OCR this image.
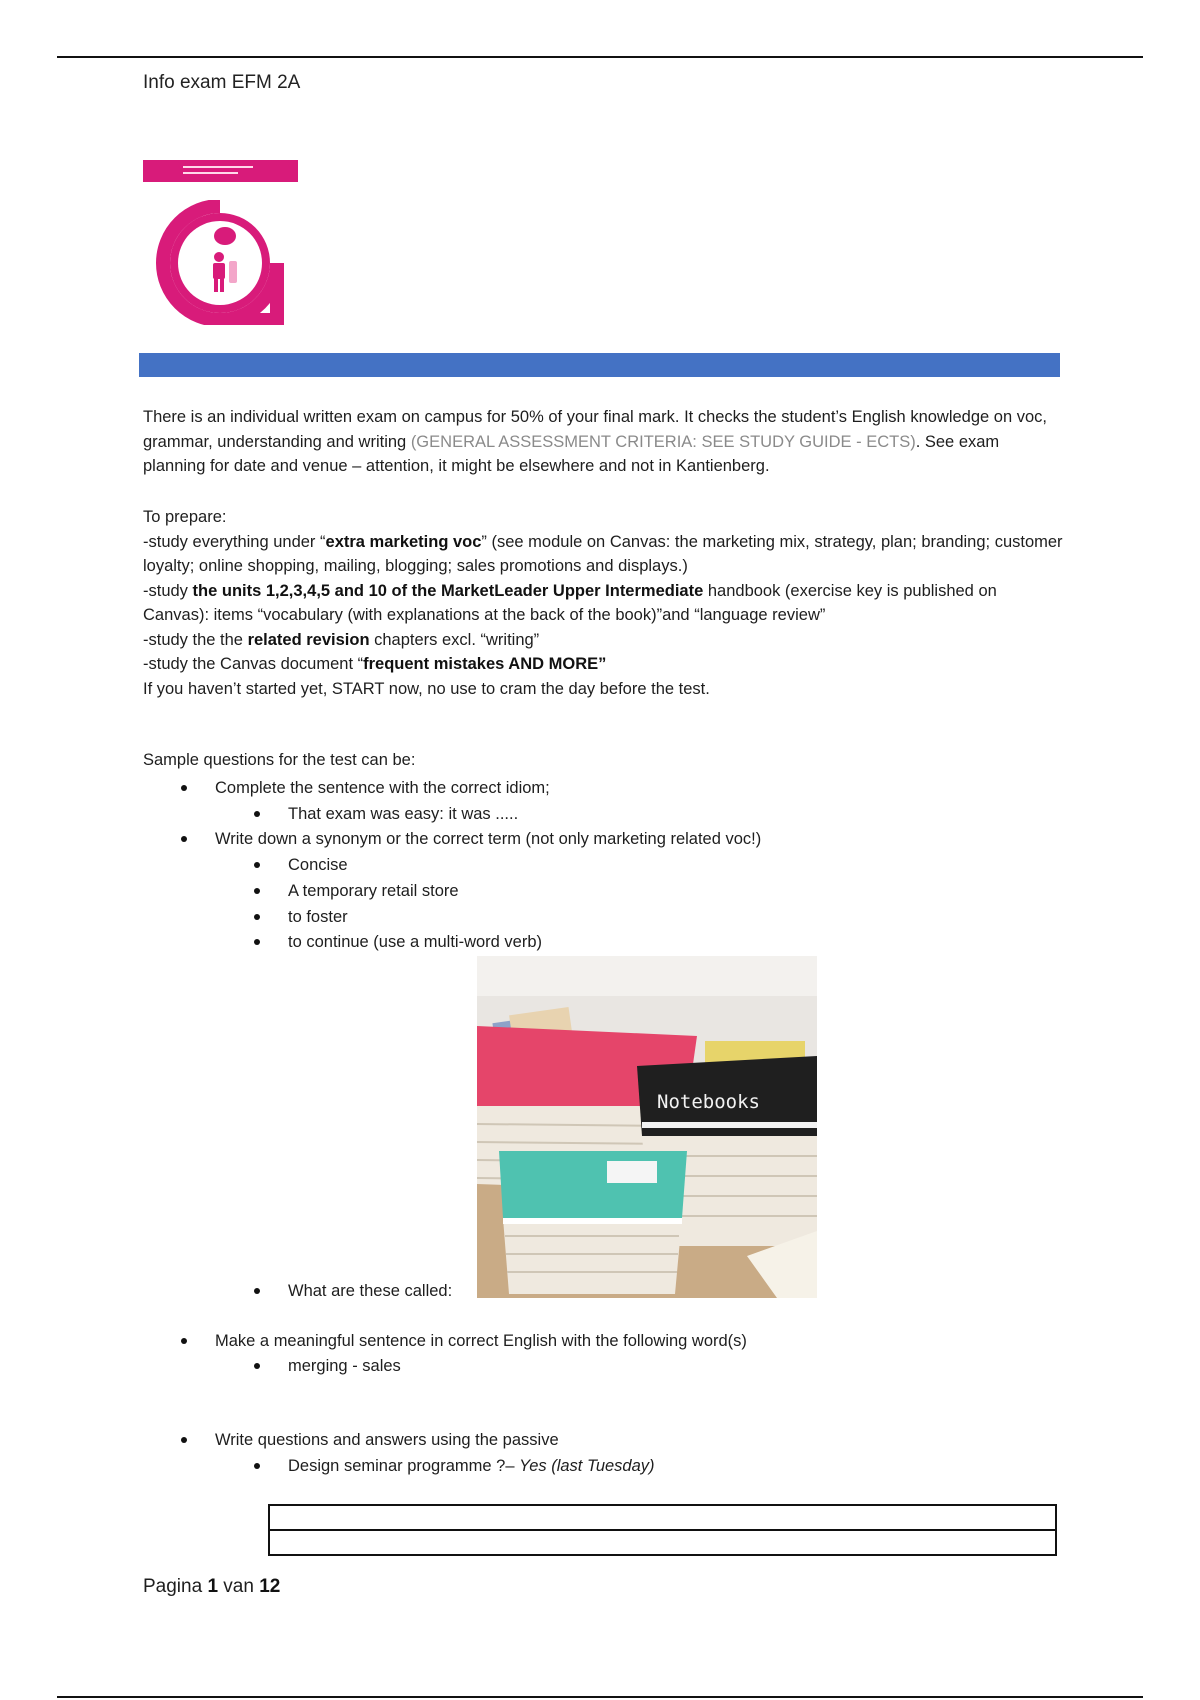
Info exam EFM 2A
There is an individual written exam on campus for 50% of your final mark. It checks the student’s English knowledge on voc, grammar, understanding and writing (GENERAL ASSESSMENT CRITERIA: SEE STUDY GUIDE - ECTS). See exam planning for date and venue – attention, it might be elsewhere and not in Kantienberg.
To prepare:
-study everything under “extra marketing voc” (see module on Canvas: the marketing mix, strategy, plan; branding; customer loyalty; online shopping, mailing, blogging; sales promotions and displays.)
-study the units 1,2,3,4,5 and 10 of the MarketLeader Upper Intermediate handbook (exercise key is published on Canvas): items “vocabulary (with explanations at the back of the book)”and “language review”
-study the the related revision chapters excl. “writing”
-study the Canvas document “frequent mistakes AND MORE”
If you haven’t started yet, START now, no use to cram the day before the test.
Sample questions for the test can be:
Complete the sentence with the correct idiom;
That exam was easy: it was .....
Write down a synonym or the correct term (not only marketing related voc!)
Concise
A temporary retail store
to foster
to continue (use a multi-word verb)
Notebooks
What are these called:
Make a meaningful sentence in correct English with the following word(s)
merging - sales
Write questions and answers using the passive
Design seminar programme ?– Yes (last Tuesday)
Pagina 1 van 12
